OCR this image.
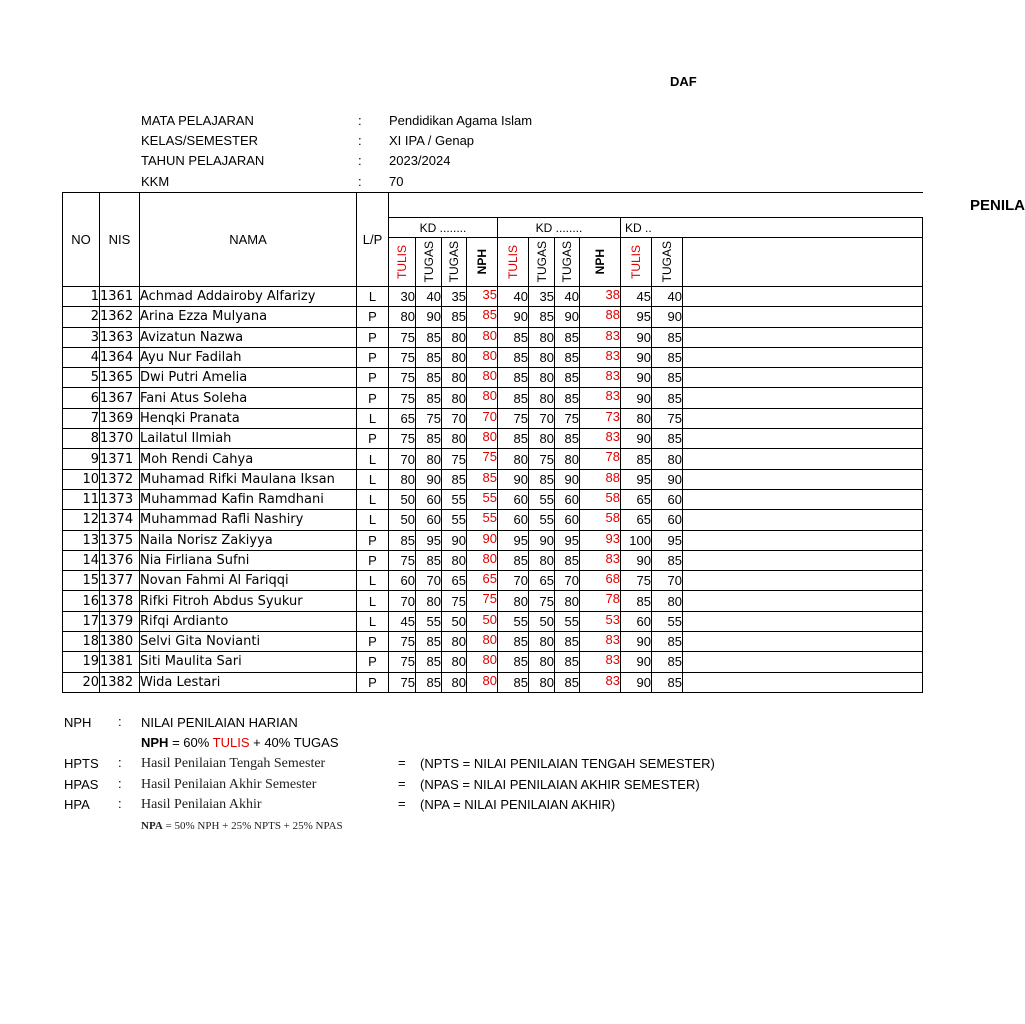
DAF
MATA PELAJARAN	: Pendidikan Agama Islam
KELAS/SEMESTER	: XI IPA / Genap
TAHUN PELAJARAN	: 2023/2024
KKM	: 70
NO	NIS	NAMA	L/P	PENILA										
				KD ........				KD ........				KD ..		

				TULIS	TUGAS	TUGAS	NPH	TULIS	TUGAS	TUGAS	NPH	TULIS	TUGAS	

1	1361	Achmad Addairoby Alfarizy	L	30	40	35	35	40	35	40	38	45	40	
2	1362	Arina Ezza Mulyana	P	80	90	85	85	90	85	90	88	95	90	
3	1363	Avizatun Nazwa	P	75	85	80	80	85	80	85	83	90	85	
4	1364	Ayu Nur Fadilah	P	75	85	80	80	85	80	85	83	90	85	
5	1365	Dwi Putri Amelia	P	75	85	80	80	85	80	85	83	90	85	
6	1367	Fani Atus Soleha	P	75	85	80	80	85	80	85	83	90	85	
7	1369	Henqki Pranata	L	65	75	70	70	75	70	75	73	80	75	
8	1370	Lailatul Ilmiah	P	75	85	80	80	85	80	85	83	90	85	
9	1371	Moh Rendi Cahya	L	70	80	75	75	80	75	80	78	85	80	
10	1372	Muhamad Rifki Maulana Iksan	L	80	90	85	85	90	85	90	88	95	90	
11	1373	Muhammad Kafin Ramdhani	L	50	60	55	55	60	55	60	58	65	60	
12	1374	Muhammad Rafli Nashiry	L	50	60	55	55	60	55	60	58	65	60	
13	1375	Naila Norisz Zakiyya	P	85	95	90	90	95	90	95	93	100	95	
14	1376	Nia Firliana Sufni	P	75	85	80	80	85	80	85	83	90	85	
15	1377	Novan Fahmi Al Fariqqi	L	60	70	65	65	70	65	70	68	75	70	
16	1378	Rifki Fitroh Abdus Syukur	L	70	80	75	75	80	75	80	78	85	80	
17	1379	Rifqi Ardianto	L	45	55	50	50	55	50	55	53	60	55	
18	1380	Selvi Gita Novianti	P	75	85	80	80	85	80	85	83	90	85	
19	1381	Siti Maulita Sari	P	75	85	80	80	85	80	85	83	90	85	
20	1382	Wida Lestari	P	75	85	80	80	85	80	85	83	90	85	
NPH : NILAI PENILAIAN HARIAN
NPH = 60% TULIS + 40% TUGAS
HPTS : Hasil Penilaian Tengah Semester	= (NPTS = NILAI PENILAIAN TENGAH SEMESTER)
HPAS : Hasil Penilaian Akhir Semester	= (NPAS = NILAI PENILAIAN AKHIR SEMESTER)
HPA : Hasil Penilaian Akhir	= (NPA = NILAI PENILAIAN AKHIR)
NPA = 50% NPH + 25% NPTS + 25% NPAS
